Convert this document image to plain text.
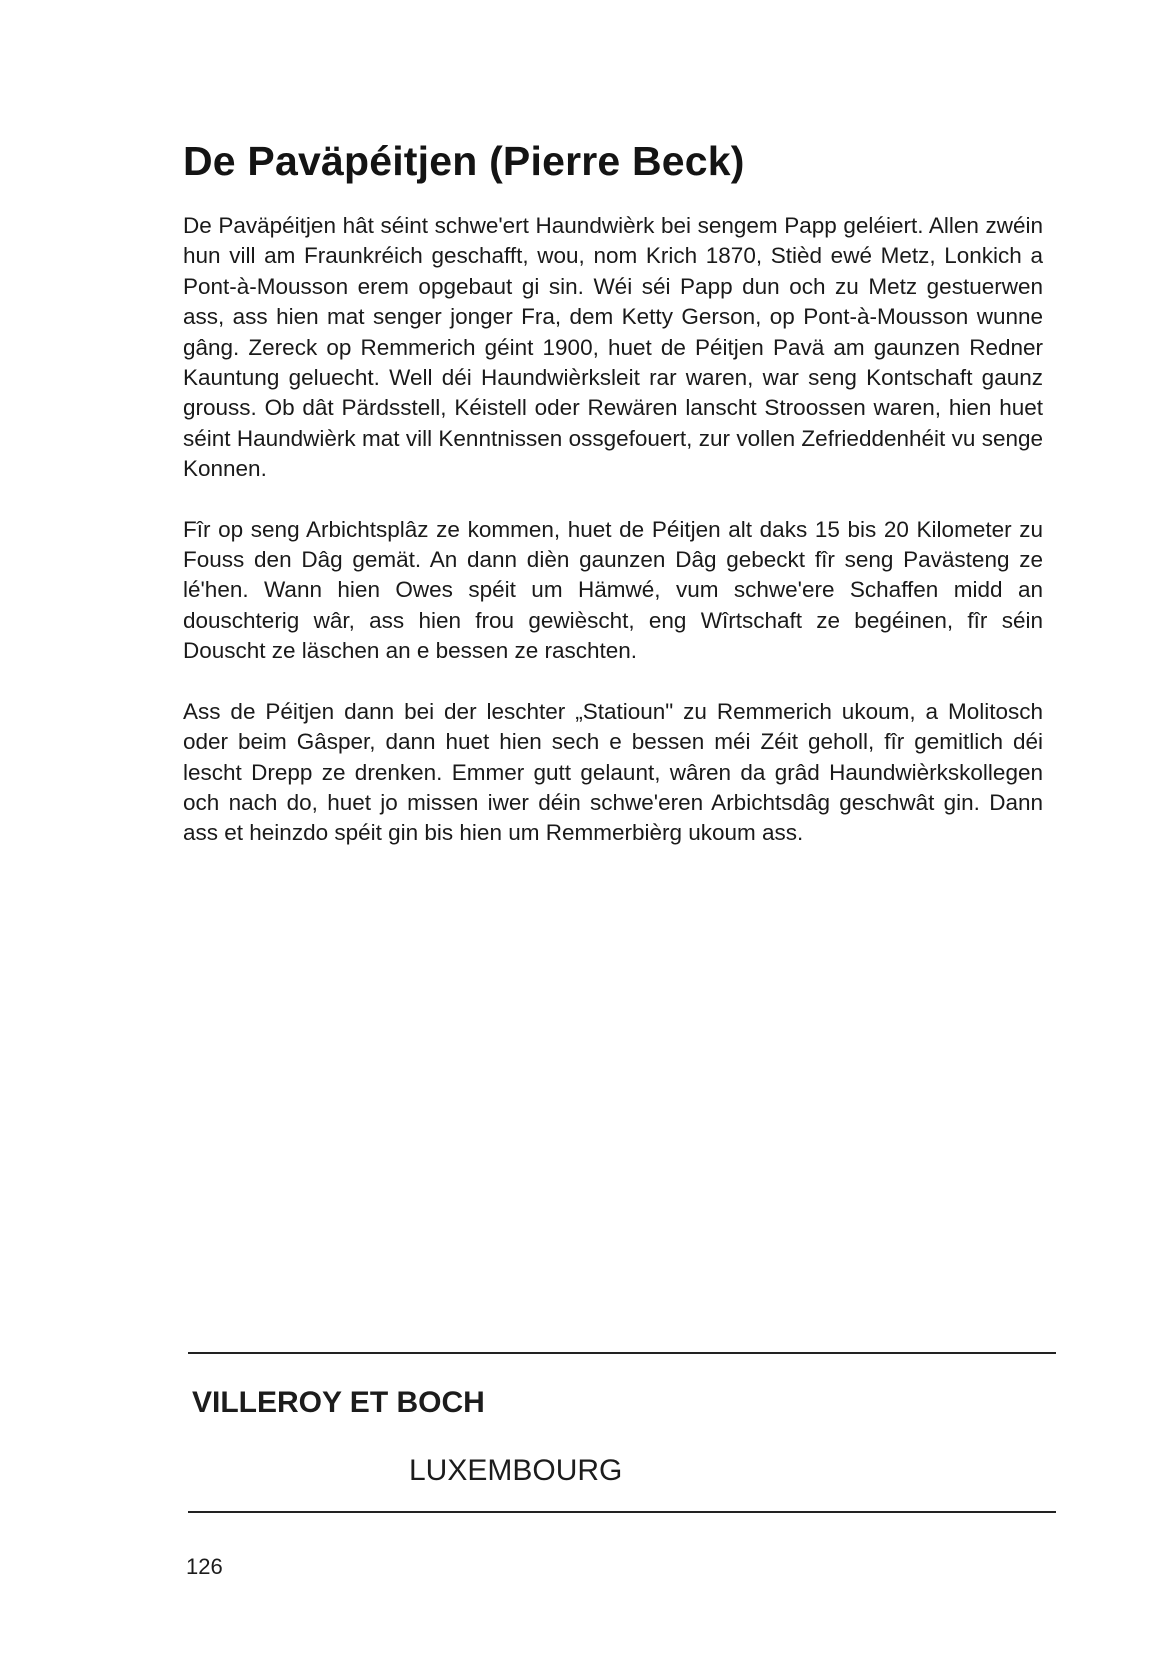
De Paväpéitjen (Pierre Beck)

De Paväpéitjen hât séint schwe'ert Haundwièrk bei sengem Papp geléiert. Allen zwéin hun vill am Fraunkréich geschafft, wou, nom Krich 1870, Stièd ewé Metz, Lonkich a Pont-à-Mousson erem opgebaut gi sin. Wéi séi Papp dun och zu Metz gestuerwen ass, ass hien mat senger jonger Fra, dem Ketty Gerson, op Pont-à-Mousson wunne gâng. Zereck op Remmerich géint 1900, huet de Péitjen Pavä am gaunzen Redner Kauntung geluecht. Well déi Haundwièrksleit rar waren, war seng Kontschaft gaunz grouss. Ob dât Pärdsstell, Kéistell oder Rewären lanscht Stroossen waren, hien huet séint Haundwièrk mat vill Kenntnissen ossgefouert, zur vollen Zefrieddenhéit vu senge Konnen.

Fîr op seng Arbichtsplâz ze kommen, huet de Péitjen alt daks 15 bis 20 Kilometer zu Fouss den Dâg gemät. An dann dièn gaunzen Dâg gebeckt fîr seng Pavästeng ze lé'hen. Wann hien Owes spéit um Hämwé, vum schwe'ere Schaffen midd an douschterig wâr, ass hien frou gewièscht, eng Wîrtschaft ze begéinen, fîr séin Douscht ze läschen an e bessen ze raschten.

Ass de Péitjen dann bei der leschter „Statioun" zu Remmerich ukoum, a Molitosch oder beim Gâsper, dann huet hien sech e bessen méi Zéit geholl, fîr gemitlich déi lescht Drepp ze drenken. Emmer gutt gelaunt, wâren da grâd Haundwièrkskollegen och nach do, huet jo missen iwer déin schwe'eren Arbichtsdâg geschwât gin. Dann ass et heinzdo spéit gin bis hien um Remmerbièrg ukoum ass.

VILLEROY ET BOCH
LUXEMBOURG
126
